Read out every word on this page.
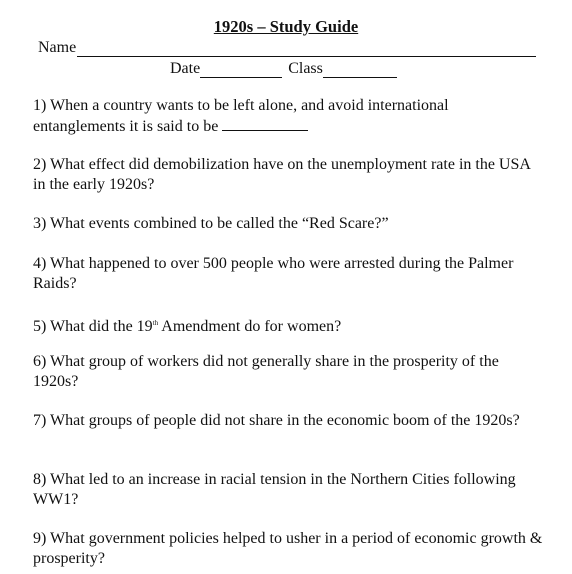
1920s – Study Guide
Name
Date	Class
1) When a country wants to be left alone, and avoid international entanglements it is said to be
2) What effect did demobilization have on the unemployment rate in the USA in the early 1920s?
3) What events combined to be called the “Red Scare?”
4) What happened to over 500 people who were arrested during the Palmer Raids?
5) What did the 19th Amendment do for women?
6) What group of workers did not generally share in the prosperity of the 1920s?
7) What groups of people did not share in the economic boom of the 1920s?
8) What led to an increase in racial tension in the Northern Cities following WW1?
9) What government policies helped to usher in a period of economic growth & prosperity?
